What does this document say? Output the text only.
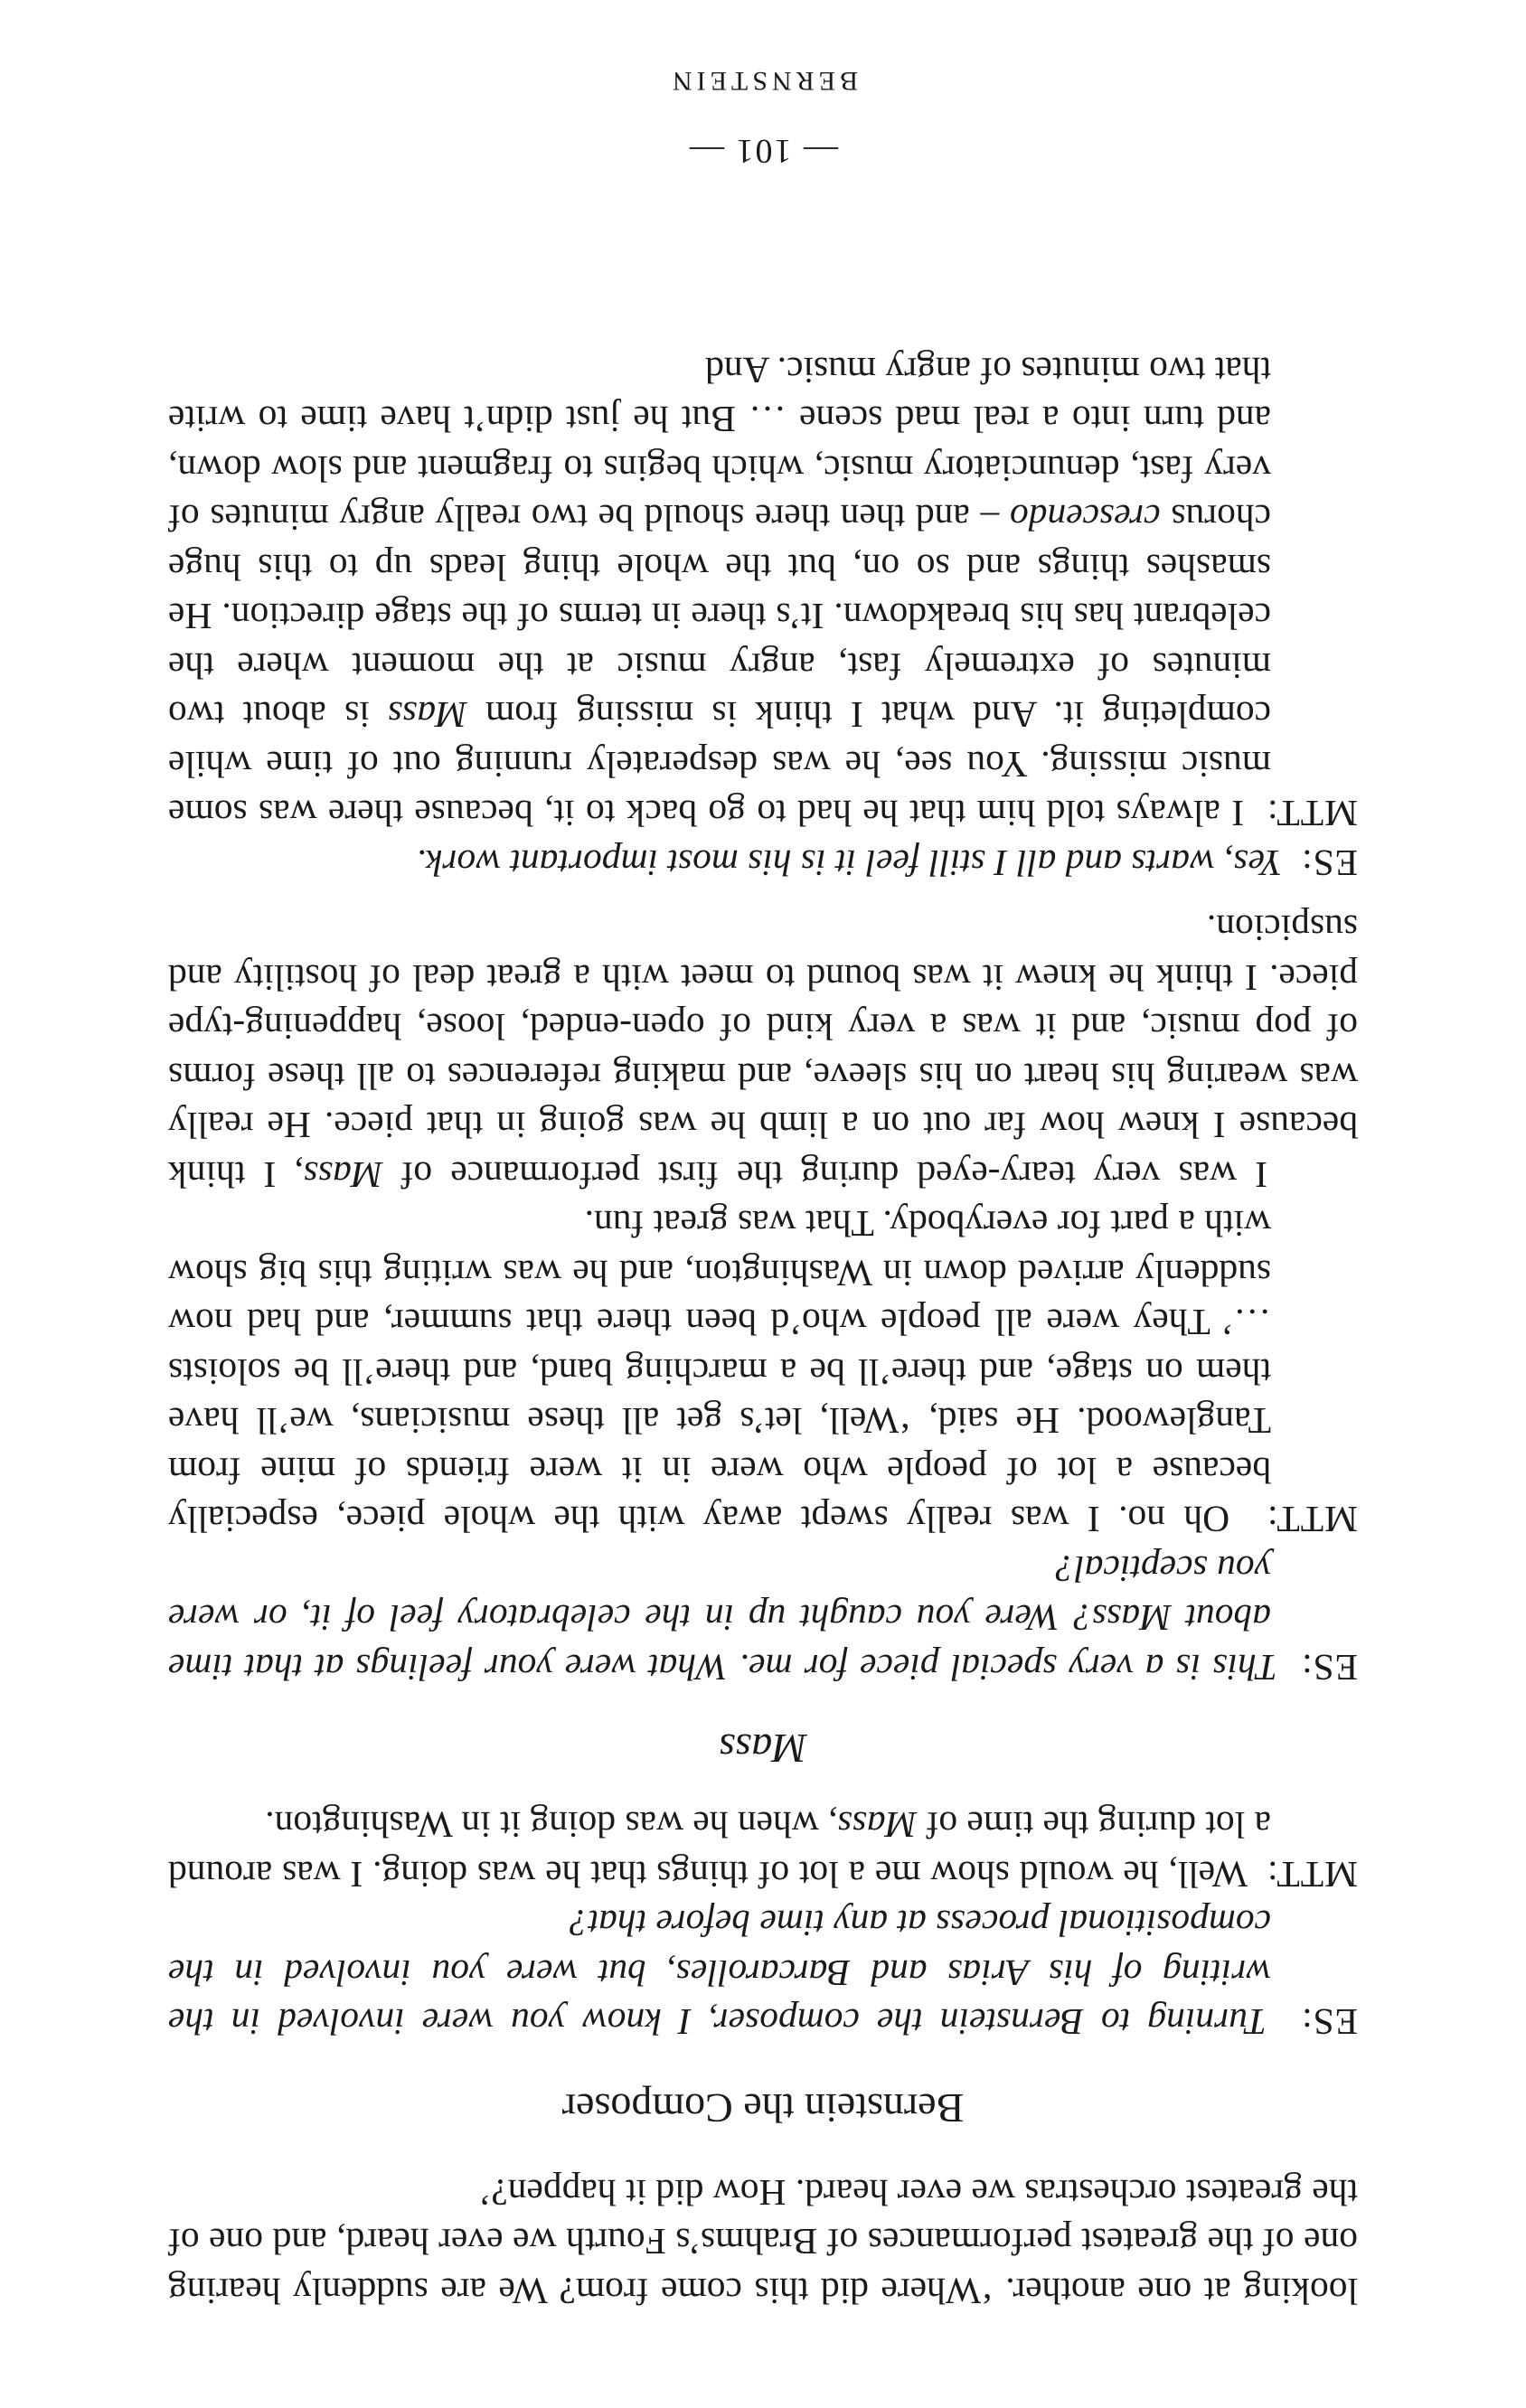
BERNSTEIN

looking at one another. ‘Where did this come from? We are suddenly hearing one of the greatest performances of Brahms’s Fourth we ever heard, and one of the greatest orchestras we ever heard. How did it happen?’

Bernstein the Composer

ES:  Turning to Bernstein the composer, I know you were involved in the writing of his Arias and Barcarolles, but were you involved in the compositional process at any time before that?

MTT:  Well, he would show me a lot of things that he was doing. I was around a lot during the time of Mass, when he was doing it in Washington.

Mass

ES:  This is a very special piece for me. What were your feelings at that time about Mass? Were you caught up in the celebratory feel of it, or were you sceptical?

MTT:  Oh no. I was really swept away with the whole piece, especially because a lot of people who were in it were friends of mine from Tanglewood. He said, ‘Well, let’s get all these musicians, we’ll have them on stage, and there’ll be a marching band, and there’ll be soloists …’ They were all people who’d been there that summer, and had now suddenly arrived down in Washington, and he was writing this big show with a part for everybody. That was great fun.

I was very teary-eyed during the first performance of Mass, I think because I knew how far out on a limb he was going in that piece. He really was wearing his heart on his sleeve, and making references to all these forms of pop music, and it was a very kind of open-ended, loose, happening-type piece. I think he knew it was bound to meet with a great deal of hostility and suspicion.

ES:  Yes, warts and all I still feel it is his most important work.

MTT:  I always told him that he had to go back to it, because there was some music missing. You see, he was desperately running out of time while completing it. And what I think is missing from Mass is about two minutes of extremely fast, angry music at the moment where the celebrant has his breakdown. It’s there in terms of the stage direction. He smashes things and so on, but the whole thing leads up to this huge chorus crescendo – and then there should be two really angry minutes of very fast, denunciatory music, which begins to fragment and slow down, and turn into a real mad scene … But he just didn’t have time to write that two minutes of angry music. And

— 101 —
